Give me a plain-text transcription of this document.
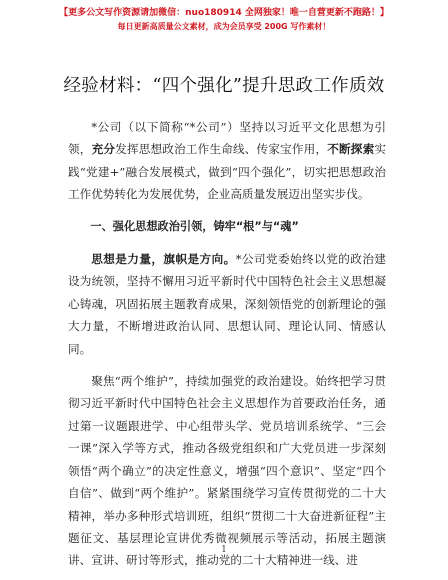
【更多公文写作资源请加微信：nuo180914 全网独家！唯一自营更新不跑路！】
每日更新高质量公文素材，成为会员享受 200G 写作素材！
经验材料：“四个强化”提升思政工作质效

*公司（以下简称“*公司”）坚持以习近平文化思想为引领，充分发挥思想政治工作生命线、传家宝作用，不断探索实践“党建+”融合发展模式，做到“四个强化”，切实把思想政治工作优势转化为发展优势，企业高质量发展迈出坚实步伐。

一、强化思想政治引领，铸牢“根”与“魂”

思想是力量，旗帜是方向。*公司党委始终以党的政治建设为统领，坚持不懈用习近平新时代中国特色社会主义思想凝心铸魂，巩固拓展主题教育成果，深刻领悟党的创新理论的强大力量，不断增进政治认同、思想认同、理论认同、情感认同。

聚焦“两个维护”，持续加强党的政治建设。始终把学习贯彻习近平新时代中国特色社会主义思想作为首要政治任务，通过第一议题跟进学、中心组带头学、党员培训系统学、“三会一课”深入学等方式，推动各级党组织和广大党员进一步深刻领悟“两个确立”的决定性意义，增强“四个意识”、坚定“四个自信”、做到“两个维护”。紧紧围绕学习宣传贯彻党的二十大精神，举办多种形式培训班，组织“贯彻二十大奋进新征程”主题征文、基层理论宣讲优秀微视频展示等活动，拓展主题演讲、宣讲、研讨等形式，推动党的二十大精神进一线、进

1
